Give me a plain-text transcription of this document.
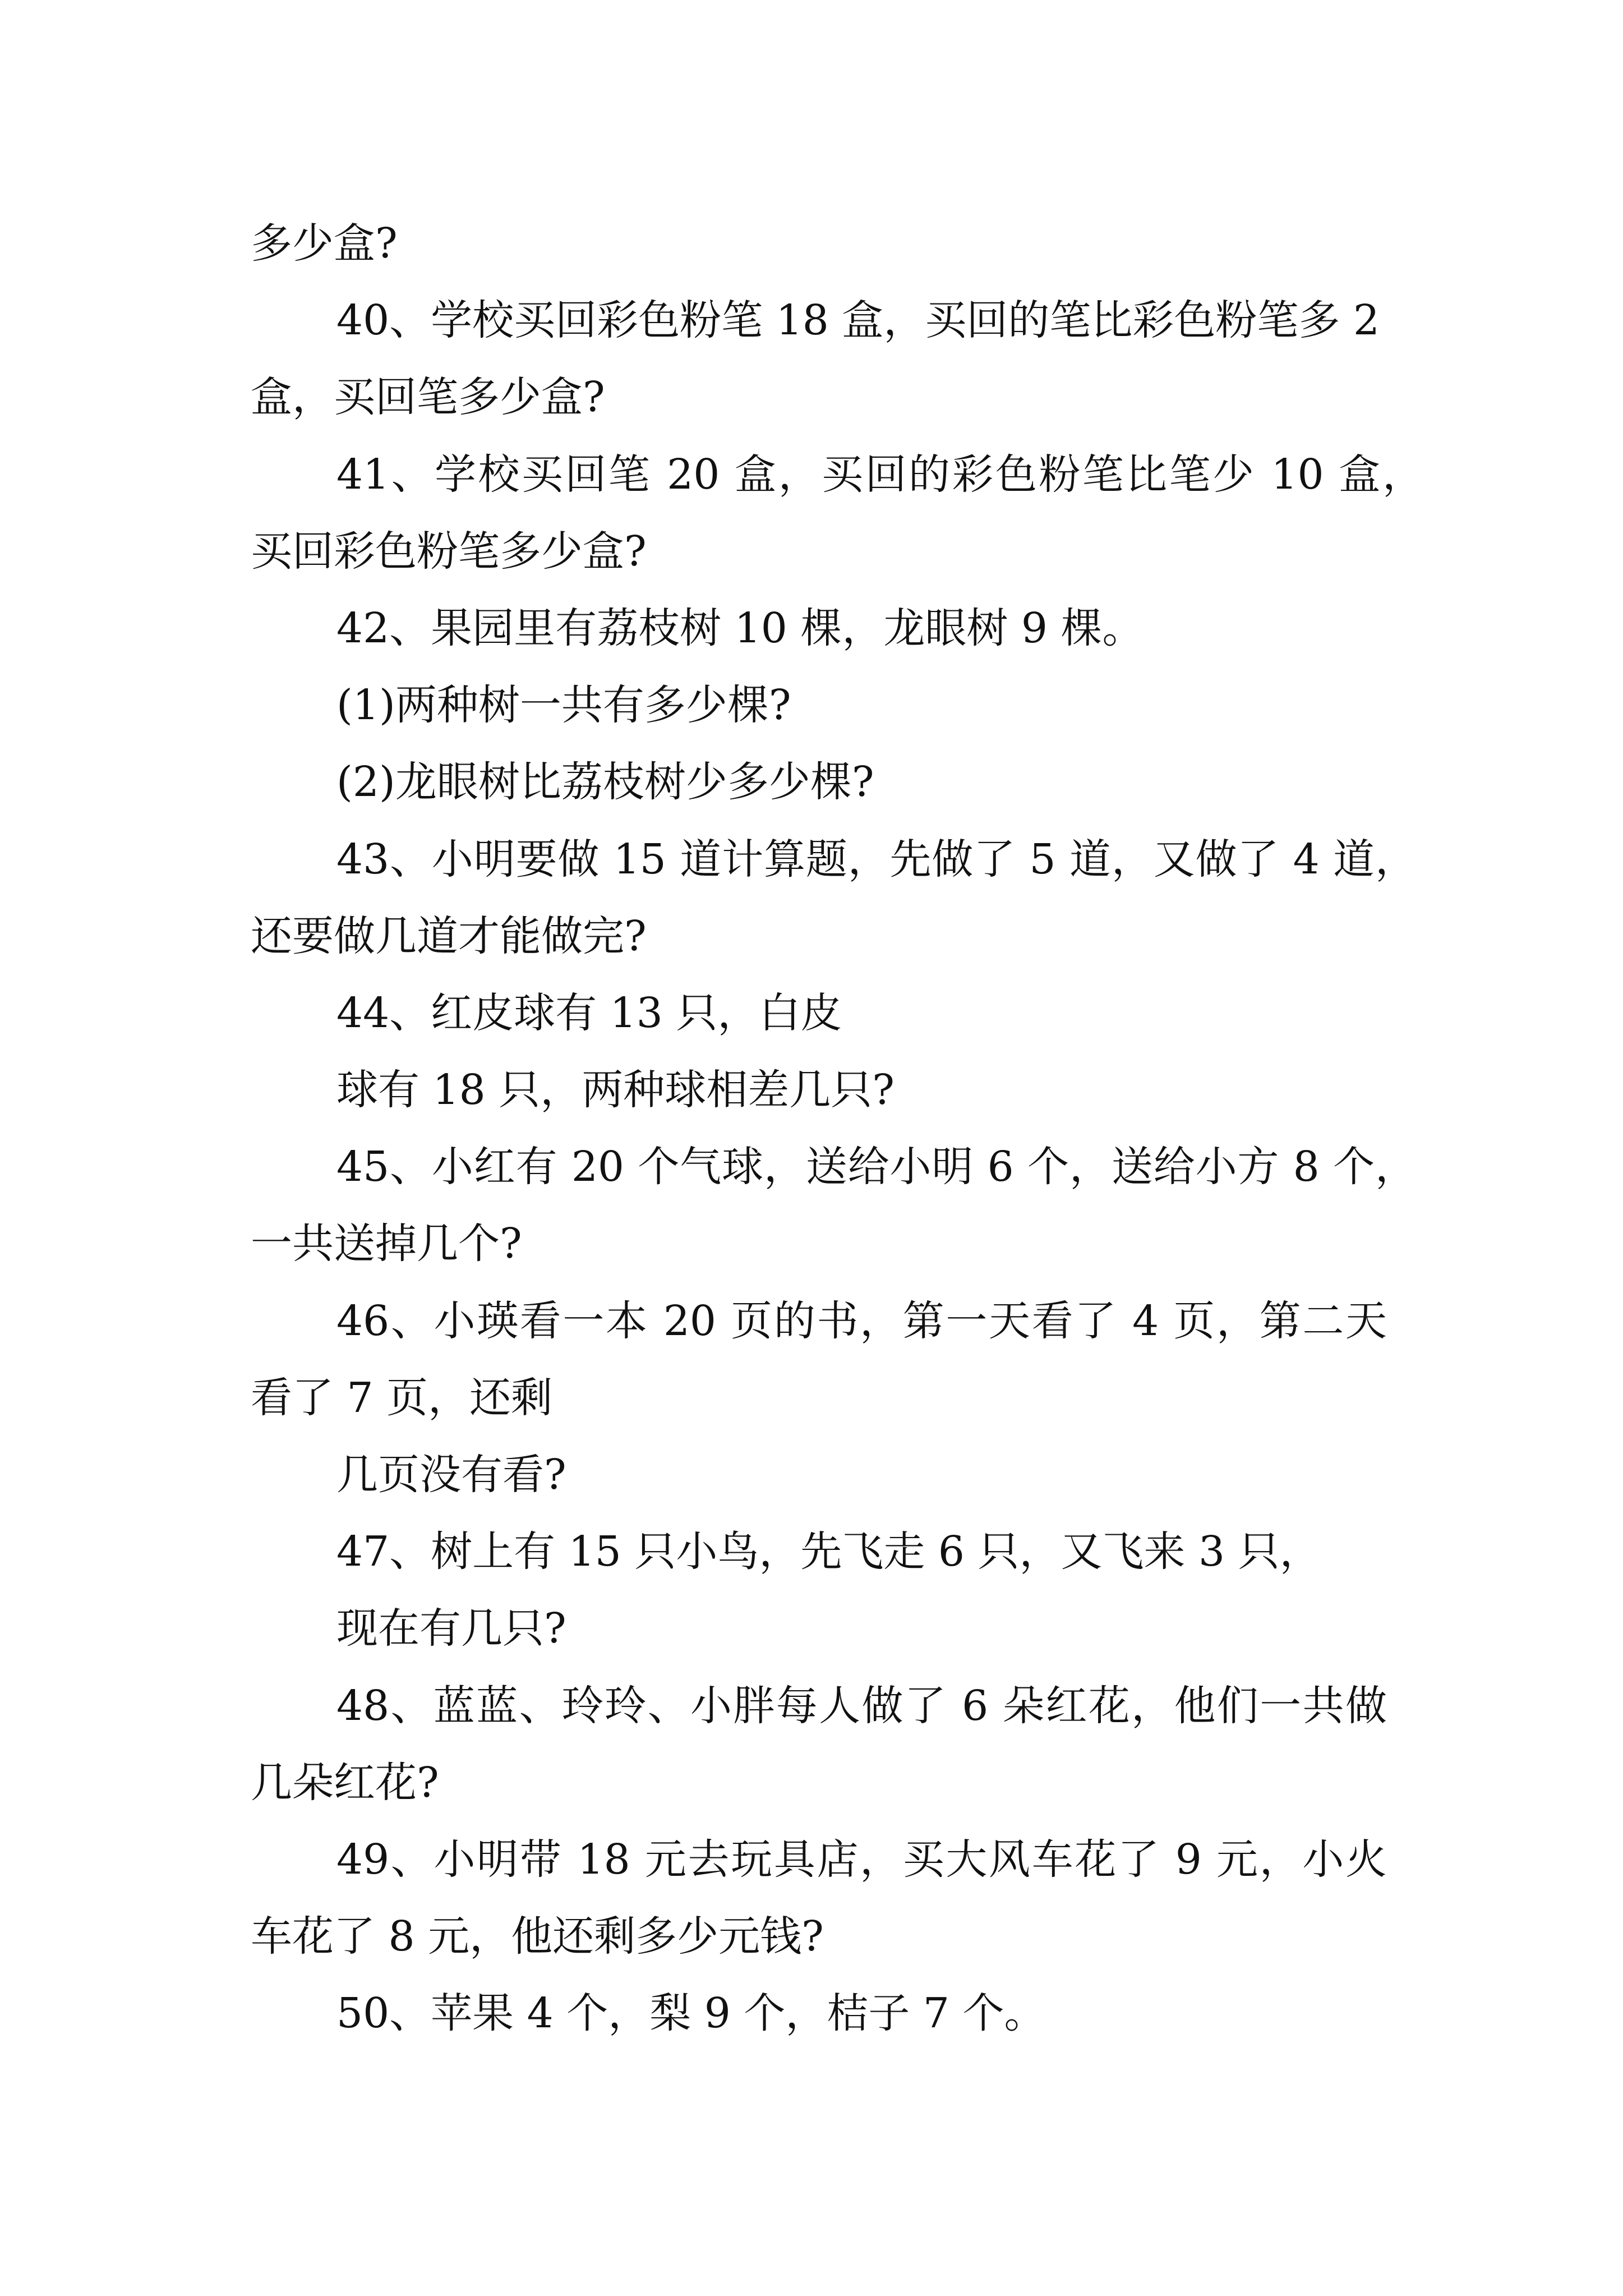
多少盒?
40、学校买回彩色粉笔 18 盒，买回的笔比彩色粉笔多 2
盒，买回笔多少盒?
41、学校买回笔 20 盒，买回的彩色粉笔比笔少 10 盒，
买回彩色粉笔多少盒?
42、果园里有荔枝树 10 棵，龙眼树 9 棵。
(1)两种树一共有多少棵?
(2)龙眼树比荔枝树少多少棵?
43、小明要做 15 道计算题，先做了 5 道，又做了 4 道，
还要做几道才能做完?
44、红皮球有 13 只，白皮
球有 18 只，两种球相差几只?
45、小红有 20 个气球，送给小明 6 个，送给小方 8 个，
一共送掉几个?
46、小瑛看一本 20 页的书，第一天看了 4 页，第二天
看了 7 页，还剩
几页没有看?
47、树上有 15 只小鸟，先飞走 6 只，又飞来 3 只，
现在有几只?
48、蓝蓝、玲玲、小胖每人做了 6 朵红花，他们一共做
几朵红花?
49、小明带 18 元去玩具店，买大风车花了 9 元，小火
车花了 8 元，他还剩多少元钱?
50、苹果 4 个，梨 9 个，桔子 7 个。
